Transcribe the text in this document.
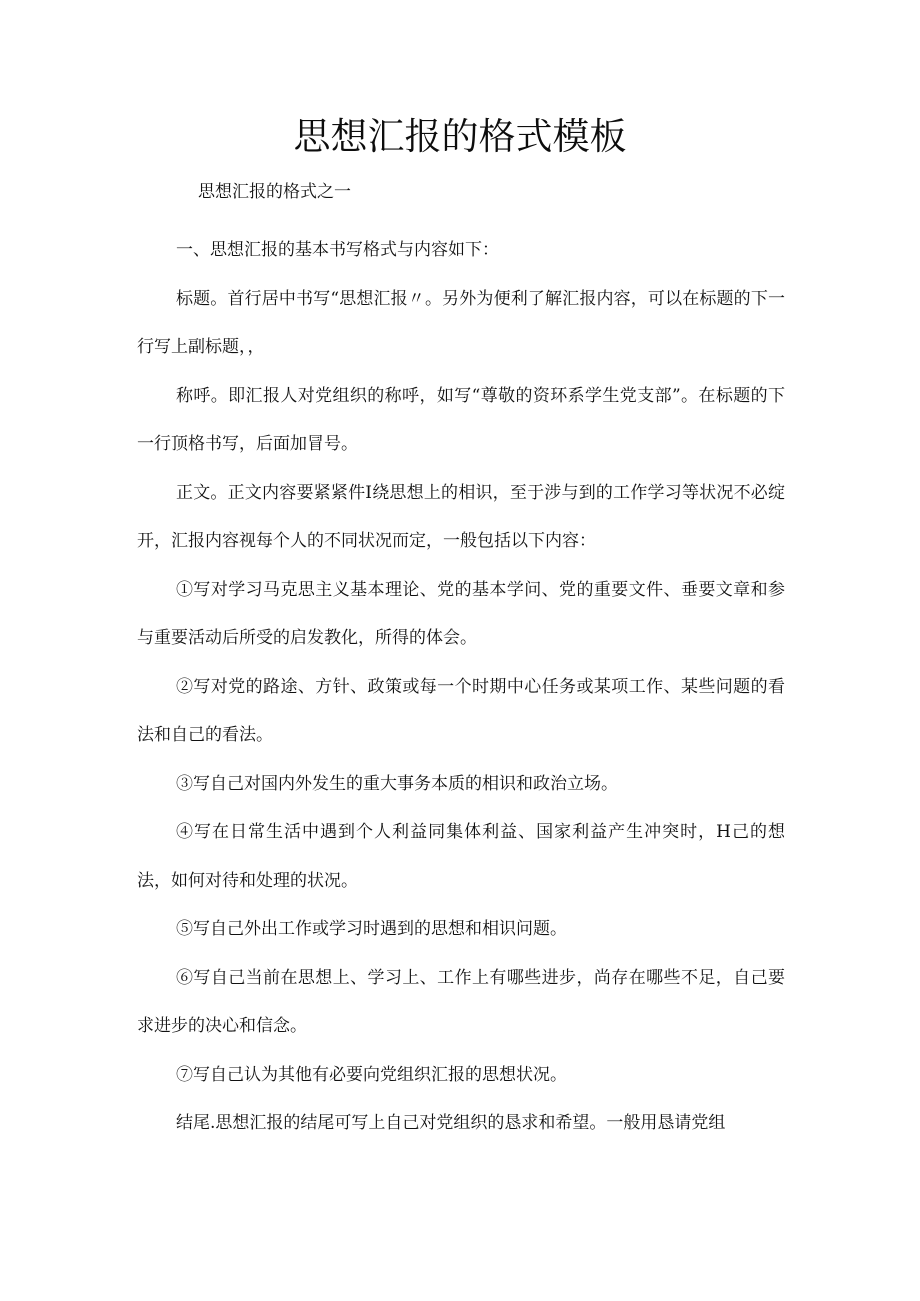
思想汇报的格式模板
思想汇报的格式之一

一、思想汇报的基本书写格式与内容如下：

标题。首行居中书写“思想汇报〃。另外为便利了解汇报内容，可以在标题的下一行写上副标题，，

称呼。即汇报人对党组织的称呼，如写“尊敬的资环系学生党支部”。在标题的下一行顶格书写，后面加冒号。

正文。正文内容要紧紧件I绕思想上的相识，至于涉与到的工作学习等状况不必绽开，汇报内容视每个人的不同状况而定，一般包括以下内容：

①写对学习马克思主义基本理论、党的基本学问、党的重要文件、垂要文章和参与重要活动后所受的启发教化，所得的体会。

②写对党的路途、方针、政策或每一个时期中心任务或某项工作、某些问题的看法和自己的看法。

③写自己对国内外发生的重大事务本质的相识和政治立场。

④写在日常生活中遇到个人利益同集体利益、国家利益产生冲突时，H己的想法，如何对待和处理的状况。

⑤写自己外出工作或学习时遇到的思想和相识问题。

⑥写自己当前在思想上、学习上、工作上有哪些进步，尚存在哪些不足，自己要求进步的决心和信念。

⑦写自己认为其他有必要向党组织汇报的思想状况。

结尾.思想汇报的结尾可写上自己对党组织的恳求和希望。一般用恳请党组
